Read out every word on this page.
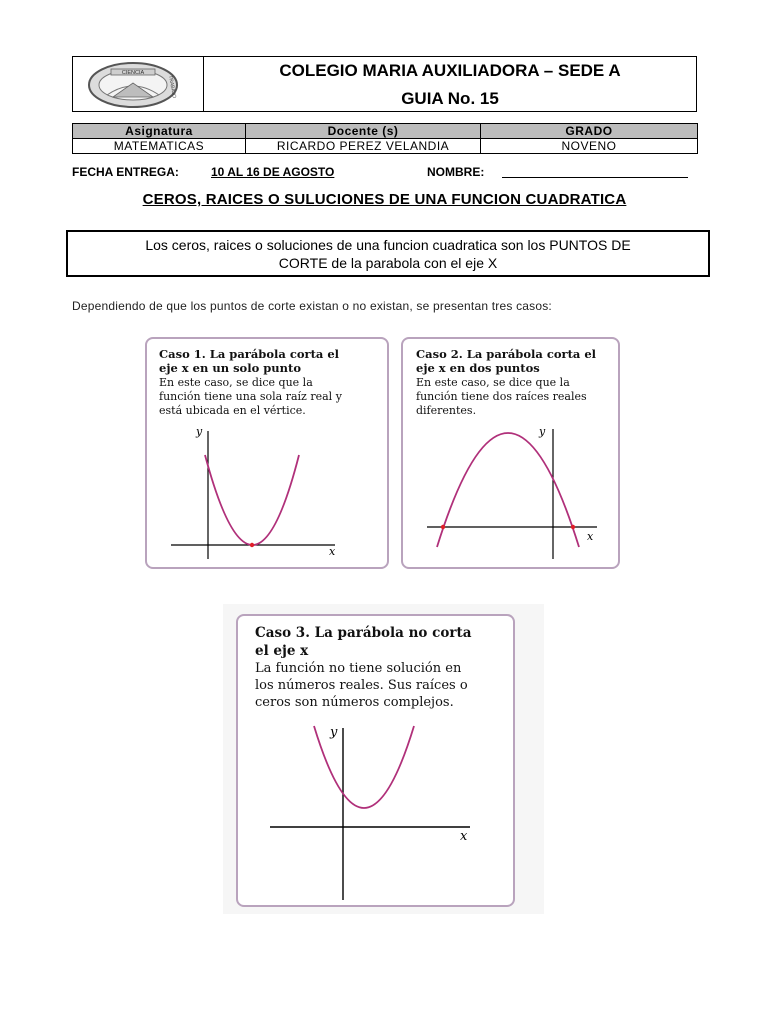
CIENCIA
TRABAJO
COLEGIO MARIA AUXILIADORA – SEDE A
GUIA No. 15
Asignatura	Docente (s)	GRADO
MATEMATICAS	RICARDO PEREZ VELANDIA	NOVENO
FECHA ENTREGA:	10 AL 16 DE AGOSTO	NOMBRE:
CEROS, RAICES O SULUCIONES DE UNA FUNCION CUADRATICA
Los ceros, raices o soluciones de una funcion cuadratica son los PUNTOS DE
CORTE de la parabola con el eje X
Dependiendo de que los puntos de corte existan o no existan, se presentan tres casos:
Caso 1. La parábola corta el
eje x en un solo punto
En este caso, se dice que la
función tiene una sola raíz real y
está ubicada en el vértice.
x
y
Caso 2. La parábola corta el
eje x en dos puntos
En este caso, se dice que la
función tiene dos raíces reales
diferentes.
x
y
Caso 3. La parábola no corta
el eje x
La función no tiene solución en
los números reales. Sus raíces o
ceros son números complejos.
x
y
